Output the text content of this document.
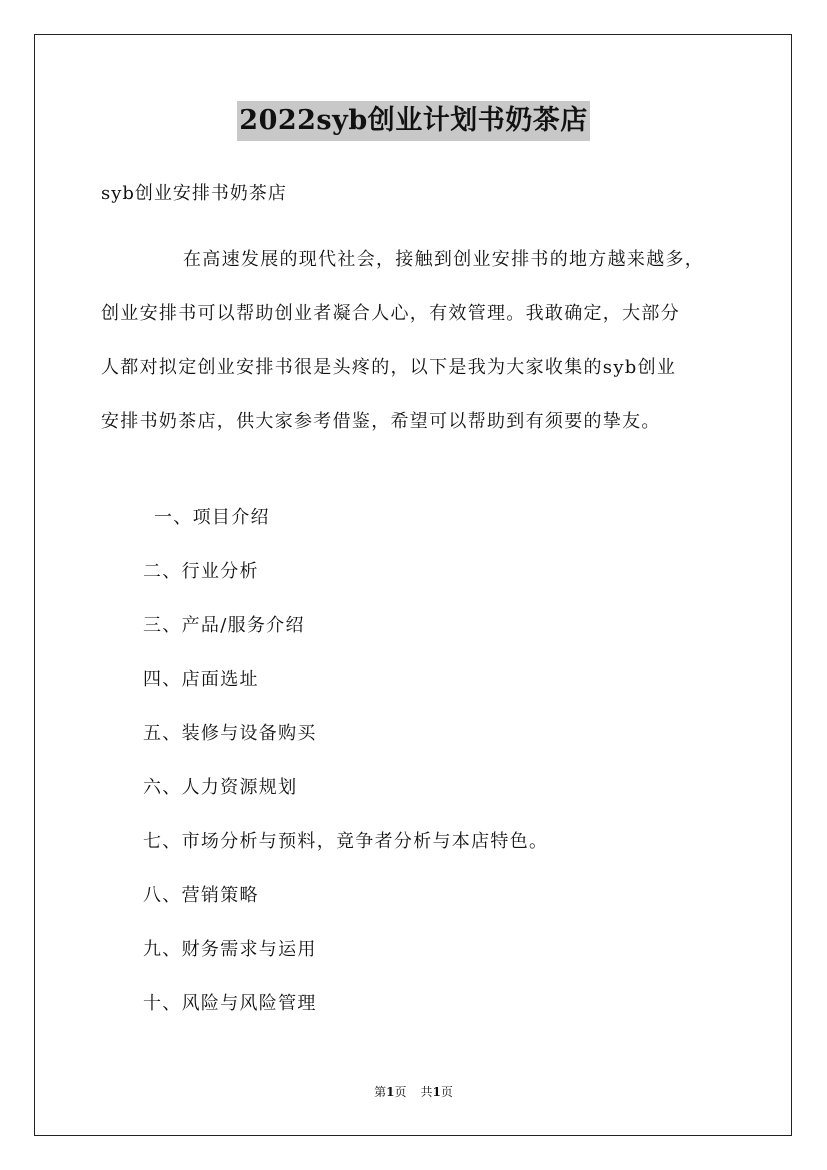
2022syb创业计划书奶茶店
syb创业安排书奶茶店

在高速发展的现代社会，接触到创业安排书的地方越来越多，

创业安排书可以帮助创业者凝合人心，有效管理。我敢确定，大部分

人都对拟定创业安排书很是头疼的，以下是我为大家收集的syb创业

安排书奶茶店，供大家参考借鉴，希望可以帮助到有须要的挚友。

一、项目介绍
二、行业分析
三、产品/服务介绍
四、店面选址
五、装修与设备购买
六、人力资源规划
七、市场分析与预料，竟争者分析与本店特色。
八、营销策略
九、财务需求与运用
十、风险与风险管理
第1页 共1页
